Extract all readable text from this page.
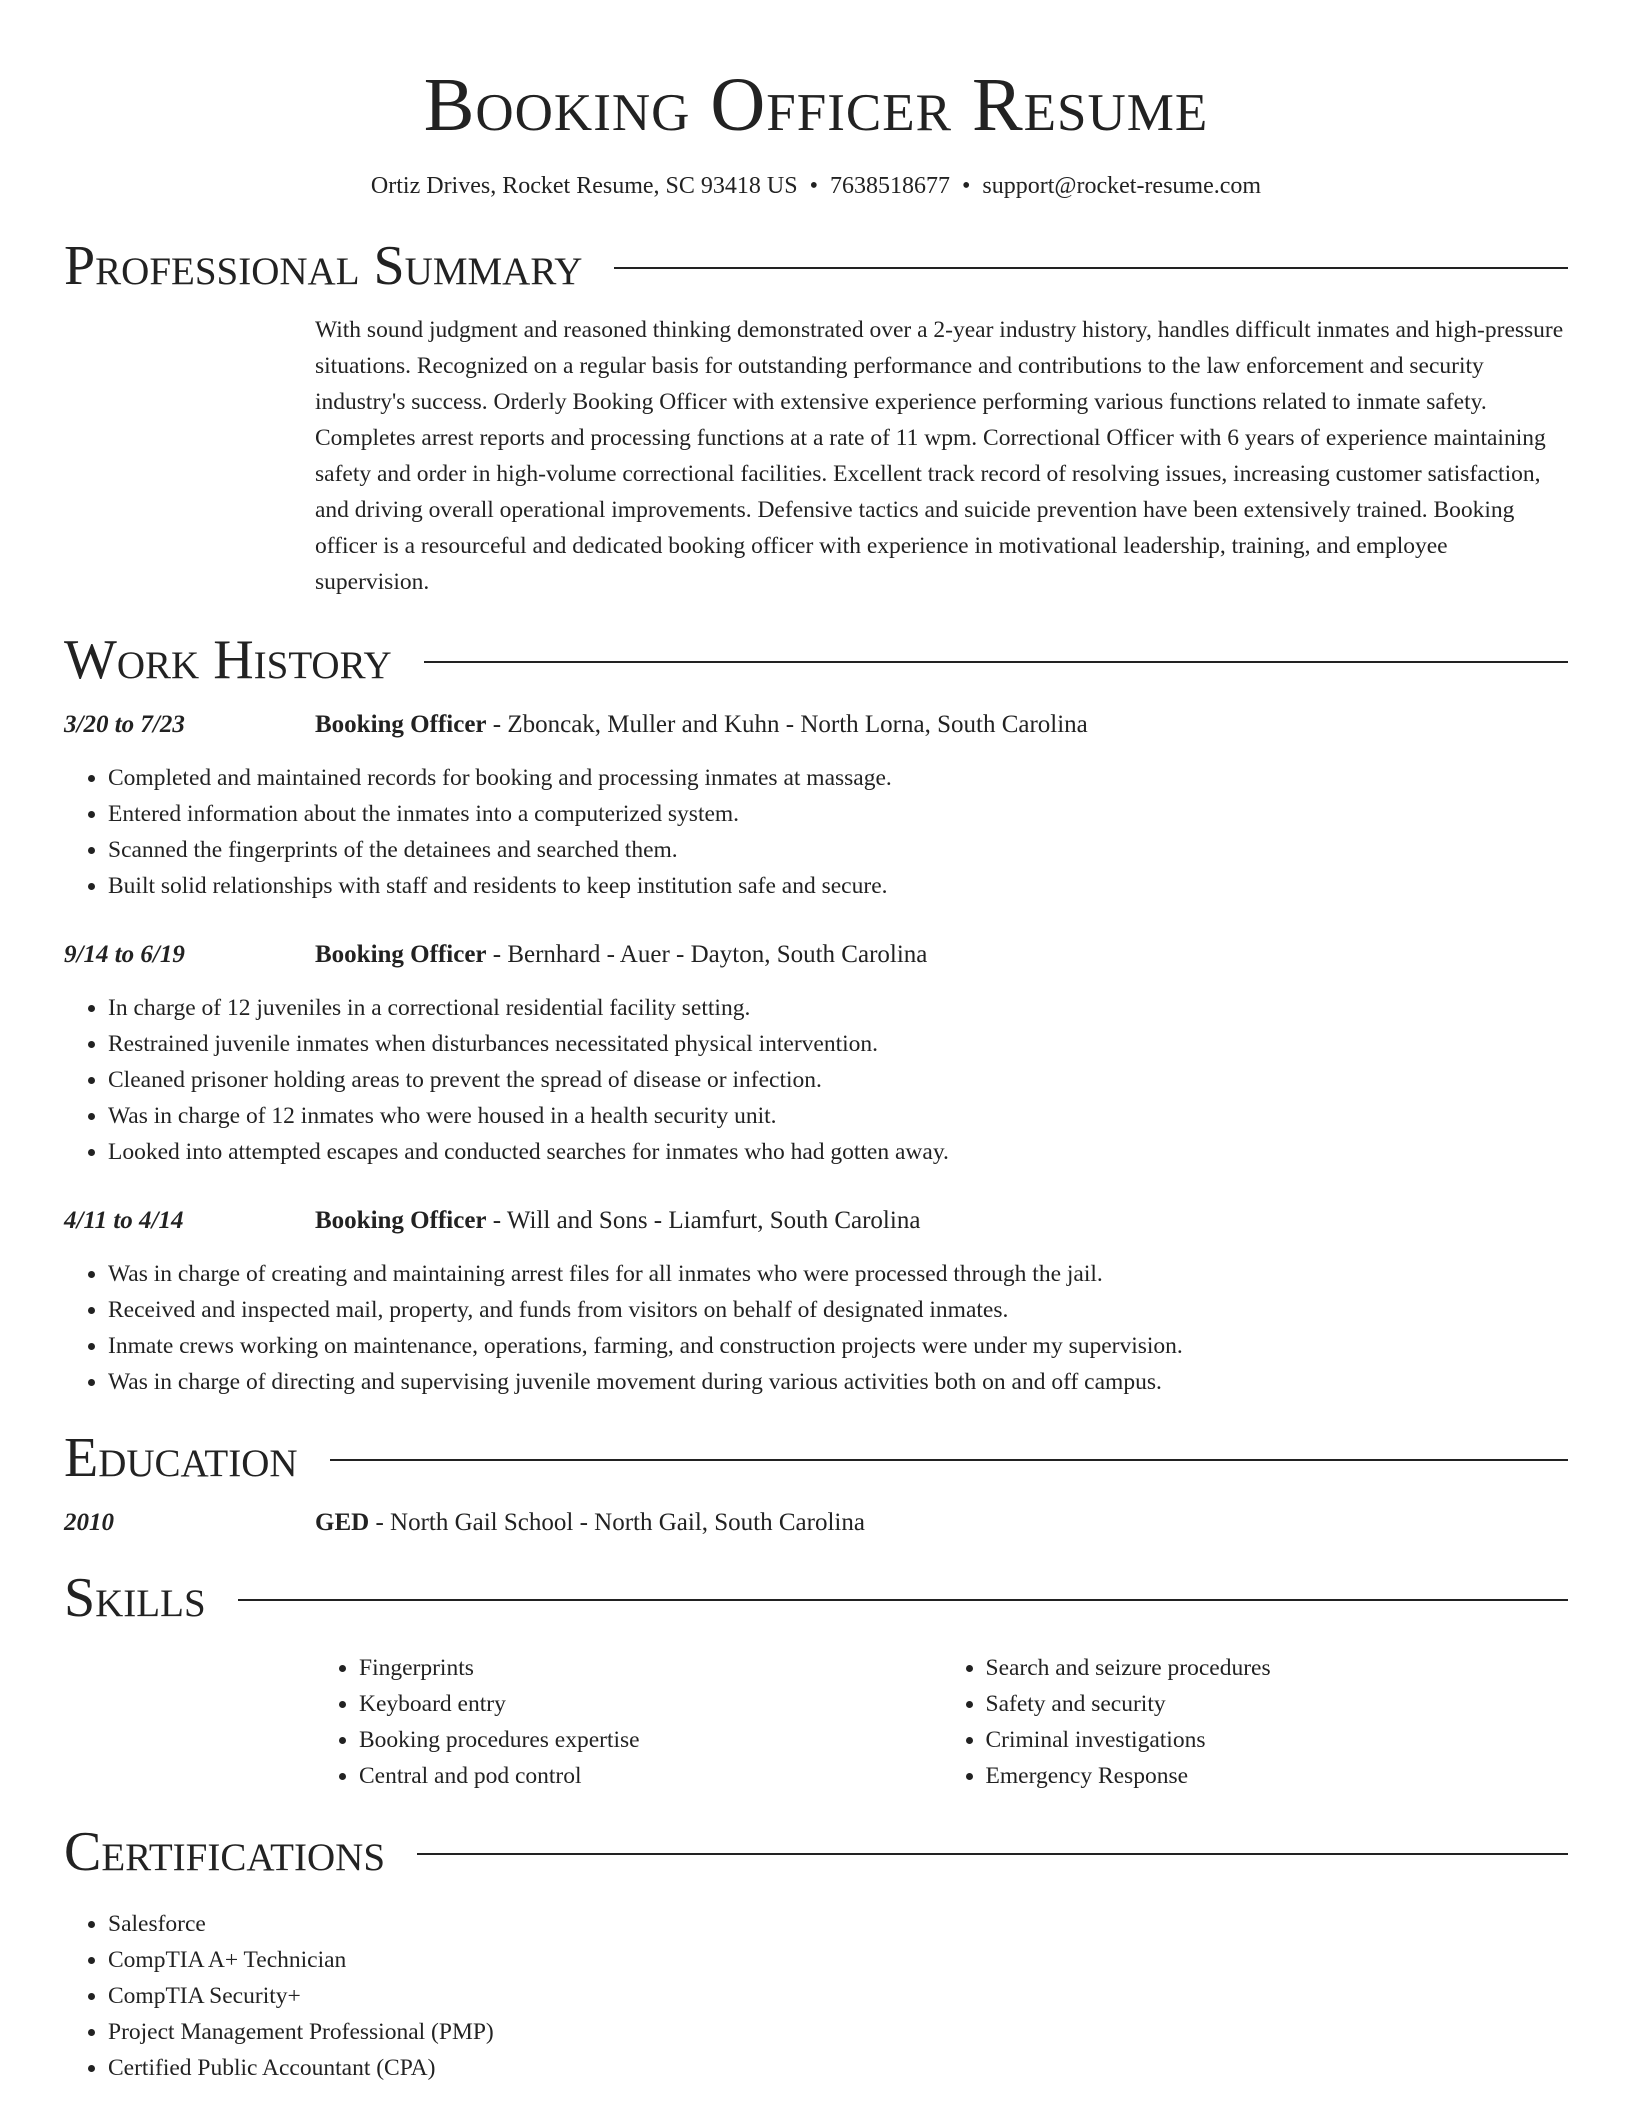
Booking Officer Resume
Ortiz Drives, Rocket Resume, SC 93418 US • 7638518677 • support@rocket-resume.com
Professional Summary

With sound judgment and reasoned thinking demonstrated over a 2-year industry history, handles difficult inmates and high-pressure situations. Recognized on a regular basis for outstanding performance and contributions to the law enforcement and security industry's success. Orderly Booking Officer with extensive experience performing various functions related to inmate safety. Completes arrest reports and processing functions at a rate of 11 wpm. Correctional Officer with 6 years of experience maintaining safety and order in high-volume correctional facilities. Excellent track record of resolving issues, increasing customer satisfaction, and driving overall operational improvements. Defensive tactics and suicide prevention have been extensively trained. Booking officer is a resourceful and dedicated booking officer with experience in motivational leadership, training, and employee supervision.

Work History
3/20 to 7/23	Booking Officer - Zboncak, Muller and Kuhn - North Lorna, South Carolina
• Completed and maintained records for booking and processing inmates at massage.
• Entered information about the inmates into a computerized system.
• Scanned the fingerprints of the detainees and searched them.
• Built solid relationships with staff and residents to keep institution safe and secure.
9/14 to 6/19	Booking Officer - Bernhard - Auer - Dayton, South Carolina
• In charge of 12 juveniles in a correctional residential facility setting.
• Restrained juvenile inmates when disturbances necessitated physical intervention.
• Cleaned prisoner holding areas to prevent the spread of disease or infection.
• Was in charge of 12 inmates who were housed in a health security unit.
• Looked into attempted escapes and conducted searches for inmates who had gotten away.
4/11 to 4/14	Booking Officer - Will and Sons - Liamfurt, South Carolina
• Was in charge of creating and maintaining arrest files for all inmates who were processed through the jail.
• Received and inspected mail, property, and funds from visitors on behalf of designated inmates.
• Inmate crews working on maintenance, operations, farming, and construction projects were under my supervision.
• Was in charge of directing and supervising juvenile movement during various activities both on and off campus.
Education
2010	GED - North Gail School - North Gail, South Carolina
Skills
• Fingerprints
• Keyboard entry
• Booking procedures expertise
• Central and pod control
• Search and seizure procedures
• Safety and security
• Criminal investigations
• Emergency Response
Certifications
• Salesforce
• CompTIA A+ Technician
• CompTIA Security+
• Project Management Professional (PMP)
• Certified Public Accountant (CPA)
